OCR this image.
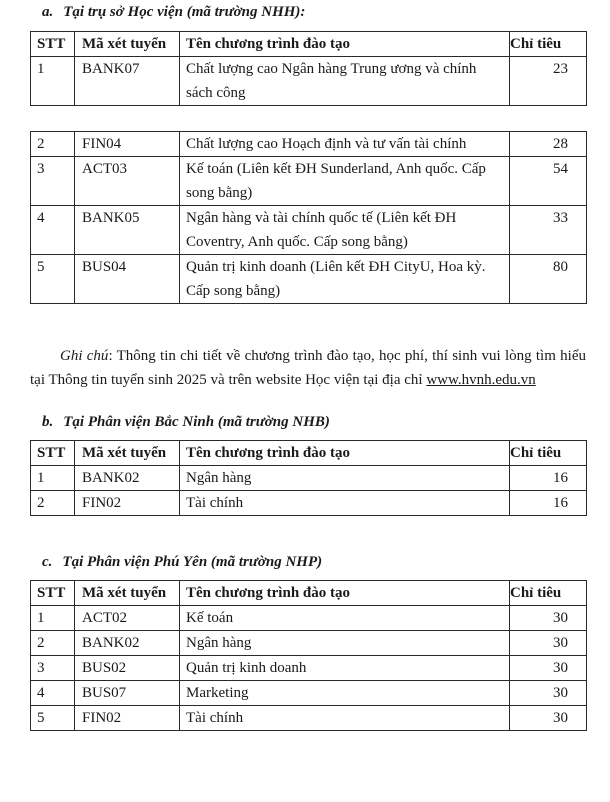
a. Tại trụ sở Học viện (mã trường NHH):
STT	Mã xét tuyển	Tên chương trình đào tạo	Chỉ tiêu
1	BANK07	Chất lượng cao Ngân hàng Trung ương và chính sách công	23
2	FIN04	Chất lượng cao Hoạch định và tư vấn tài chính	28
3	ACT03	Kế toán (Liên kết ĐH Sunderland, Anh quốc. Cấp song bằng)	54
4	BANK05	Ngân hàng và tài chính quốc tế (Liên kết ĐH Coventry, Anh quốc. Cấp song bằng)	33
5	BUS04	Quản trị kinh doanh (Liên kết ĐH CityU, Hoa kỳ. Cấp song bằng)	80
Ghi chú: Thông tin chi tiết về chương trình đào tạo, học phí, thí sinh vui lòng tìm hiểu tại Thông tin tuyển sinh 2025 và trên website Học viện tại địa chỉ www.hvnh.edu.vn
b. Tại Phân viện Bắc Ninh (mã trường NHB)
STT	Mã xét tuyển	Tên chương trình đào tạo	Chỉ tiêu
1	BANK02	Ngân hàng	16
2	FIN02	Tài chính	16
c. Tại Phân viện Phú Yên (mã trường NHP)
STT	Mã xét tuyển	Tên chương trình đào tạo	Chỉ tiêu
1	ACT02	Kế toán	30
2	BANK02	Ngân hàng	30
3	BUS02	Quản trị kinh doanh	30
4	BUS07	Marketing	30
5	FIN02	Tài chính	30
